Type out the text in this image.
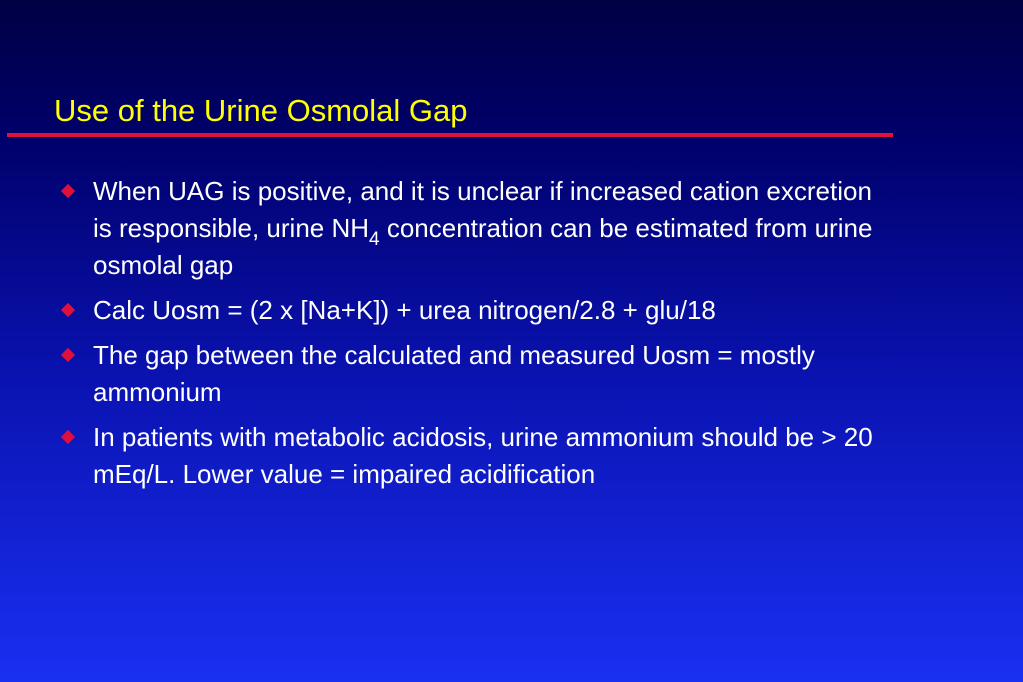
Use of the Urine Osmolal Gap
When UAG is positive, and it is unclear if increased cation excretion is responsible, urine $NH_4$ concentration can be estimated from urine osmolal gap
Calc Uosm = (2 x [Na+K]) + urea nitrogen/2.8 + glu/18
The gap between the calculated and measured Uosm = mostly ammonium
In patients with metabolic acidosis, urine ammonium should be > 20 mEq/L. Lower value = impaired acidification
